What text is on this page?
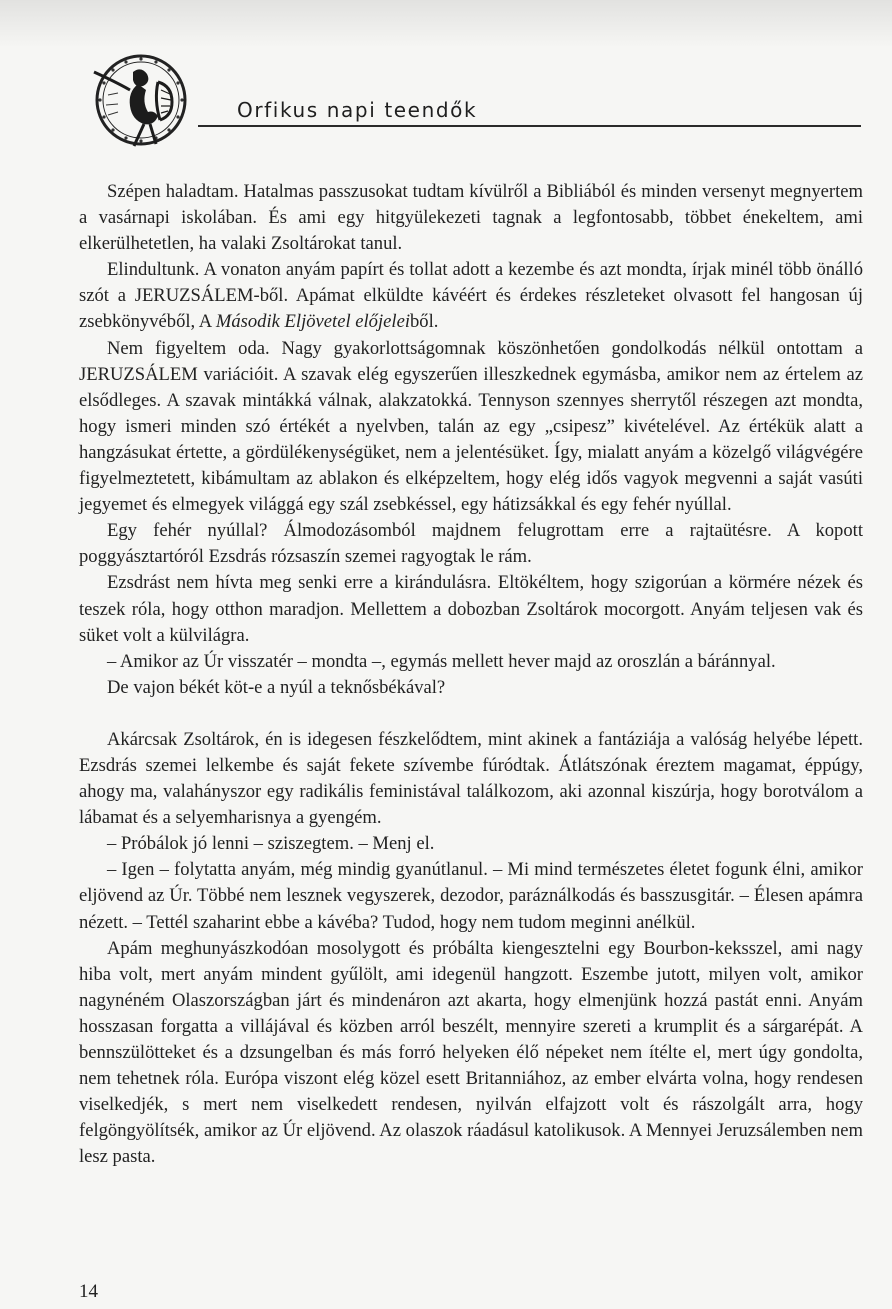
Orfikus napi teendők

Szépen haladtam. Hatalmas passzusokat tudtam kívülről a Bibliából és minden versenyt megnyertem a vasárnapi iskolában. És ami egy hitgyülekezeti tagnak a legfontosabb, többet énekeltem, ami elkerülhetetlen, ha valaki Zsoltárokat tanul.

Elindultunk. A vonaton anyám papírt és tollat adott a kezembe és azt mondta, írjak minél több önálló szót a JERUZSÁLEM-ből. Apámat elküldte kávéért és érdekes részleteket olvasott fel hangosan új zsebkönyvéből, A Második Eljövetel előjeleiből.

Nem figyeltem oda. Nagy gyakorlottságomnak köszönhetően gondolkodás nélkül ontottam a JERUZSÁLEM variációit. A szavak elég egyszerűen illeszkednek egymásba, amikor nem az értelem az elsődleges. A szavak mintákká válnak, alakzatokká. Tennyson szennyes sherrytől részegen azt mondta, hogy ismeri minden szó értékét a nyelvben, talán az egy „csipesz” kivételével. Az értékük alatt a hangzásukat értette, a gördülékenységüket, nem a jelentésüket. Így, mialatt anyám a közelgő világvégére figyelmeztetett, kibámultam az ablakon és elképzeltem, hogy elég idős vagyok megvenni a saját vasúti jegyemet és elmegyek világgá egy szál zsebkéssel, egy hátizsákkal és egy fehér nyúllal.

Egy fehér nyúllal? Álmodozásomból majdnem felugrottam erre a rajtaütésre. A kopott poggyásztartóról Ezsdrás rózsaszín szemei ragyogtak le rám.

Ezsdrást nem hívta meg senki erre a kirándulásra. Eltökéltem, hogy szigorúan a körmére nézek és teszek róla, hogy otthon maradjon. Mellettem a dobozban Zsoltárok mocorgott. Anyám teljesen vak és süket volt a külvilágra.

– Amikor az Úr visszatér – mondta –, egymás mellett hever majd az oroszlán a báránnyal.

De vajon békét köt-e a nyúl a teknősbékával?

Akárcsak Zsoltárok, én is idegesen fészkelődtem, mint akinek a fantáziája a valóság helyébe lépett. Ezsdrás szemei lelkembe és saját fekete szívembe fúródtak. Átlátszónak éreztem magamat, éppúgy, ahogy ma, valahányszor egy radikális feministával találkozom, aki azonnal kiszúrja, hogy borotválom a lábamat és a selyemharisnya a gyengém.

– Próbálok jó lenni – sziszegtem. – Menj el.

– Igen – folytatta anyám, még mindig gyanútlanul. – Mi mind természetes életet fogunk élni, amikor eljövend az Úr. Többé nem lesznek vegyszerek, dezodor, paráználkodás és basszusgitár. – Élesen apámra nézett. – Tettél szaharint ebbe a kávéba? Tudod, hogy nem tudom meginni anélkül.

Apám meghunyászkodóan mosolygott és próbálta kiengesztelni egy Bourbon-keksszel, ami nagy hiba volt, mert anyám mindent gyűlölt, ami idegenül hangzott. Eszembe jutott, milyen volt, amikor nagynéném Olaszországban járt és mindenáron azt akarta, hogy elmenjünk hozzá pastát enni. Anyám hosszasan forgatta a villájával és közben arról beszélt, mennyire szereti a krumplit és a sárgarépát. A bennszülötteket és a dzsungelban és más forró helyeken élő népeket nem ítélte el, mert úgy gondolta, nem tehetnek róla. Európa viszont elég közel esett Britanniához, az ember elvárta volna, hogy rendesen viselkedjék, s mert nem viselkedett rendesen, nyilván elfajzott volt és rászolgált arra, hogy felgöngyölítsék, amikor az Úr eljövend. Az olaszok ráadásul katolikusok. A Mennyei Jeruzsálemben nem lesz pasta.

14
